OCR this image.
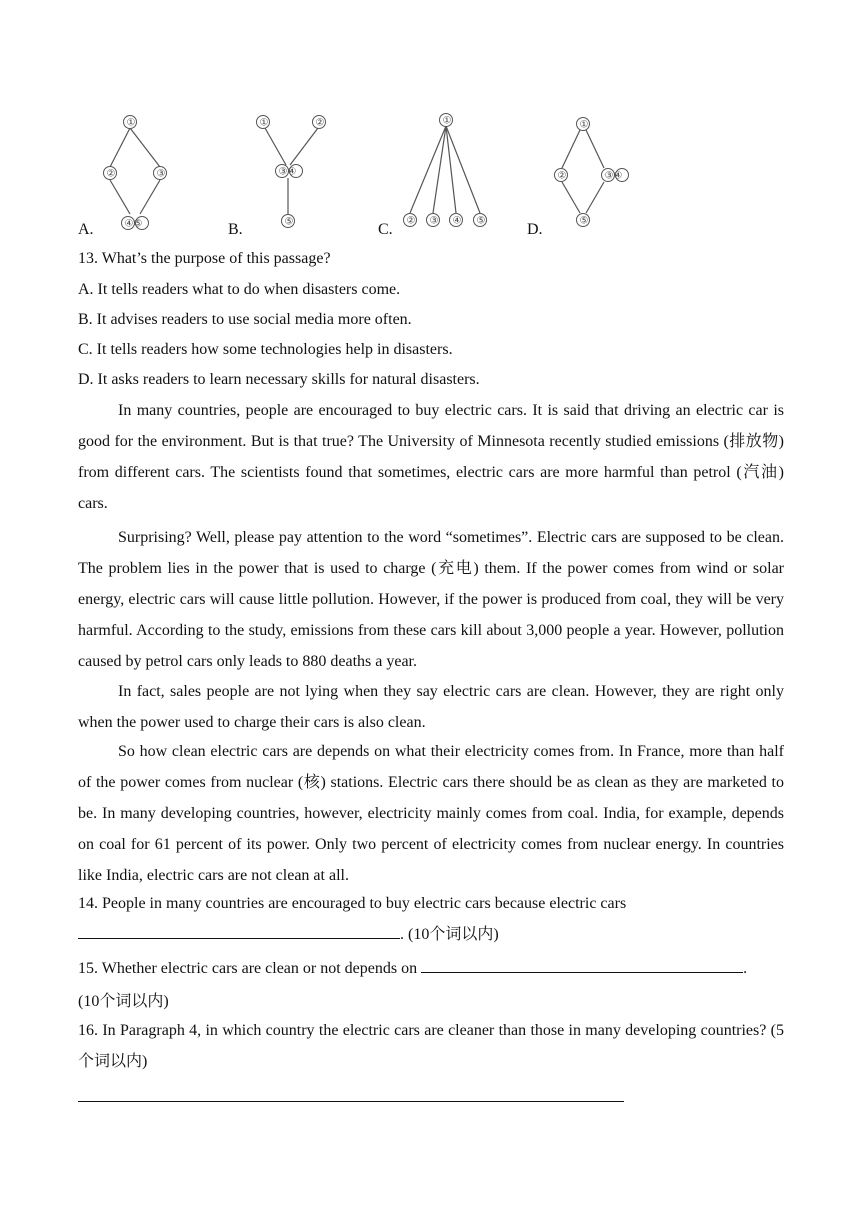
A.
①
②	③
④⑤	B.
①	②
③④
⑤	C.
①
② ③ ④ ⑤	D.
①
②	③④
⑤
13. What’s the purpose of this passage?
A. It tells readers what to do when disasters come.
B. It advises readers to use social media more often.
C. It tells readers how some technologies help in disasters.
D. It asks readers to learn necessary skills for natural disasters.
In many countries, people are encouraged to buy electric cars. It is said that driving an electric car is good for the environment. But is that true? The University of Minnesota recently studied emissions (排放物) from different cars. The scientists found that sometimes, electric cars are more harmful than petrol (汽油) cars.
Surprising? Well, please pay attention to the word “sometimes”. Electric cars are supposed to be clean. The problem lies in the power that is used to charge (充电) them. If the power comes from wind or solar energy, electric cars will cause little pollution. However, if the power is produced from coal, they will be very harmful. According to the study, emissions from these cars kill about 3,000 people a year. However, pollution caused by petrol cars only leads to 880 deaths a year.
In fact, sales people are not lying when they say electric cars are clean. However, they are right only when the power used to charge their cars is also clean.
So how clean electric cars are depends on what their electricity comes from. In France, more than half of the power comes from nuclear (核) stations. Electric cars there should be as clean as they are marketed to be. In many developing countries, however, electricity mainly comes from coal. India, for example, depends on coal for 61 percent of its power. Only two percent of electricity comes from nuclear energy. In countries like India, electric cars are not clean at all.
14. People in many countries are encouraged to buy electric cars because electric cars
. (10个词以内)
15. Whether electric cars are clean or not depends on	.
(10个词以内)
16. In Paragraph 4, in which country the electric cars are cleaner than those in many developing countries? (5个词以内)
